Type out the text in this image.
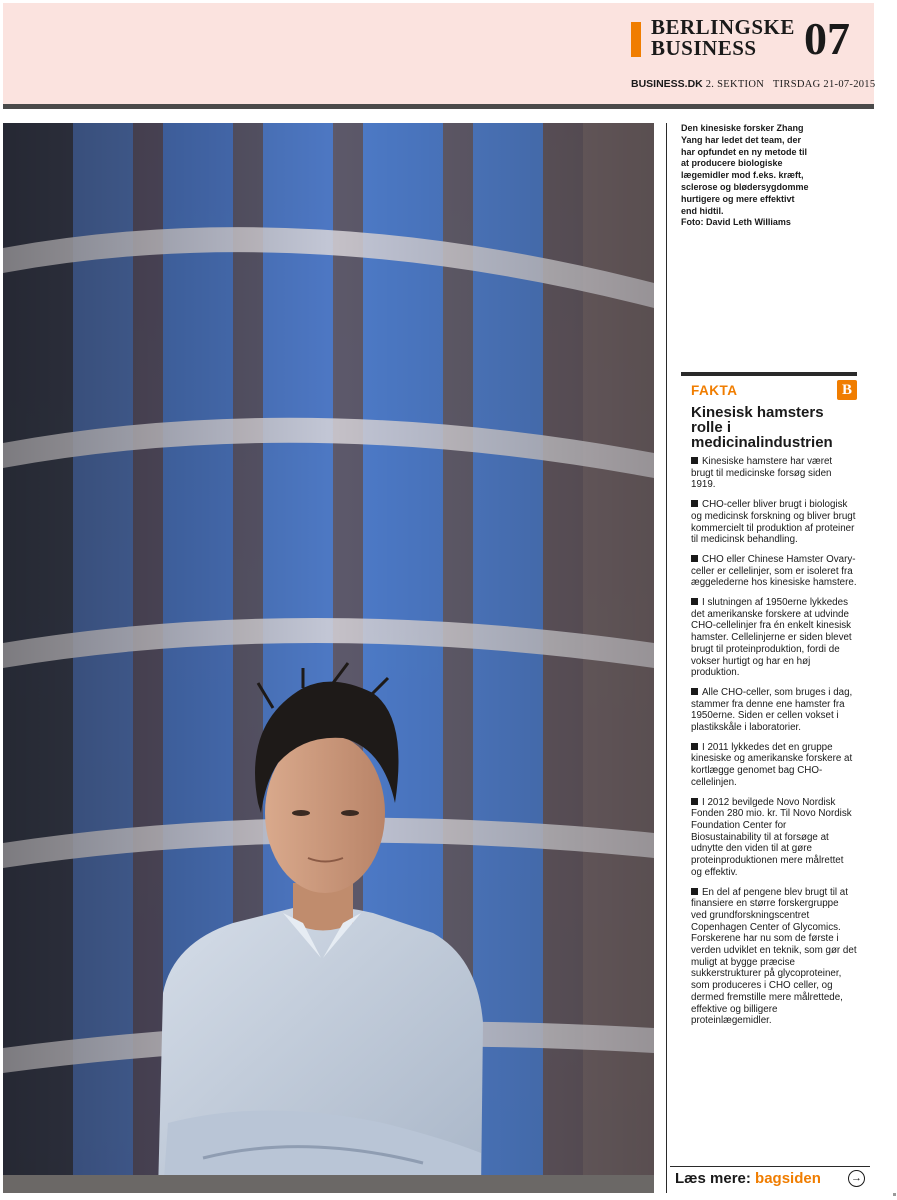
BERLINGSKE
BUSINESS	07
BUSINESS.DK 2. SEKTION TIRSDAG 21-07-2015

Den kinesiske forsker Zhang Yang har ledet det team, der har opfundet en ny metode til at producere biologiske lægemidler mod f.eks. kræft, sclerose og blødersygdomme hurtigere og mere effektivt end hidtil.

Foto: David Leth Williams

FAKTA	B
Kinesisk hamsters rolle i medicinalindustrien

Kinesiske hamstere har været brugt til medicinske forsøg siden 1919.

CHO-celler bliver brugt i biologisk og medicinsk forskning og bliver brugt kommercielt til produktion af proteiner til medicinsk behandling.

CHO eller Chinese Hamster Ovary-celler er cellelinjer, som er isoleret fra æggelederne hos kinesiske hamstere.

I slutningen af 1950erne lykkedes det amerikanske forskere at udvinde CHO-cellelinjer fra én enkelt kinesisk hamster. Cellelinjerne er siden blevet brugt til proteinproduktion, fordi de vokser hurtigt og har en høj produktion.

Alle CHO-celler, som bruges i dag, stammer fra denne ene hamster fra 1950erne. Siden er cellen vokset i plastikskåle i laboratorier.

I 2011 lykkedes det en gruppe kinesiske og amerikanske forskere at kortlægge genomet bag CHO-cellelinjen.

I 2012 bevilgede Novo Nordisk Fonden 280 mio. kr. Til Novo Nordisk Foundation Center for Biosustainability til at forsøge at udnytte den viden til at gøre proteinproduktionen mere målrettet og effektiv.

En del af pengene blev brugt til at finansiere en større forskergruppe ved grundforskningscentret Copenhagen Center of Glycomics. Forskerene har nu som de første i verden udviklet en teknik, som gør det muligt at bygge præcise sukkerstrukturer på glycoproteiner, som produceres i CHO celler, og dermed fremstille mere målrettede, effektive og billigere proteinlægemidler.

Læs mere: bagsiden	→
